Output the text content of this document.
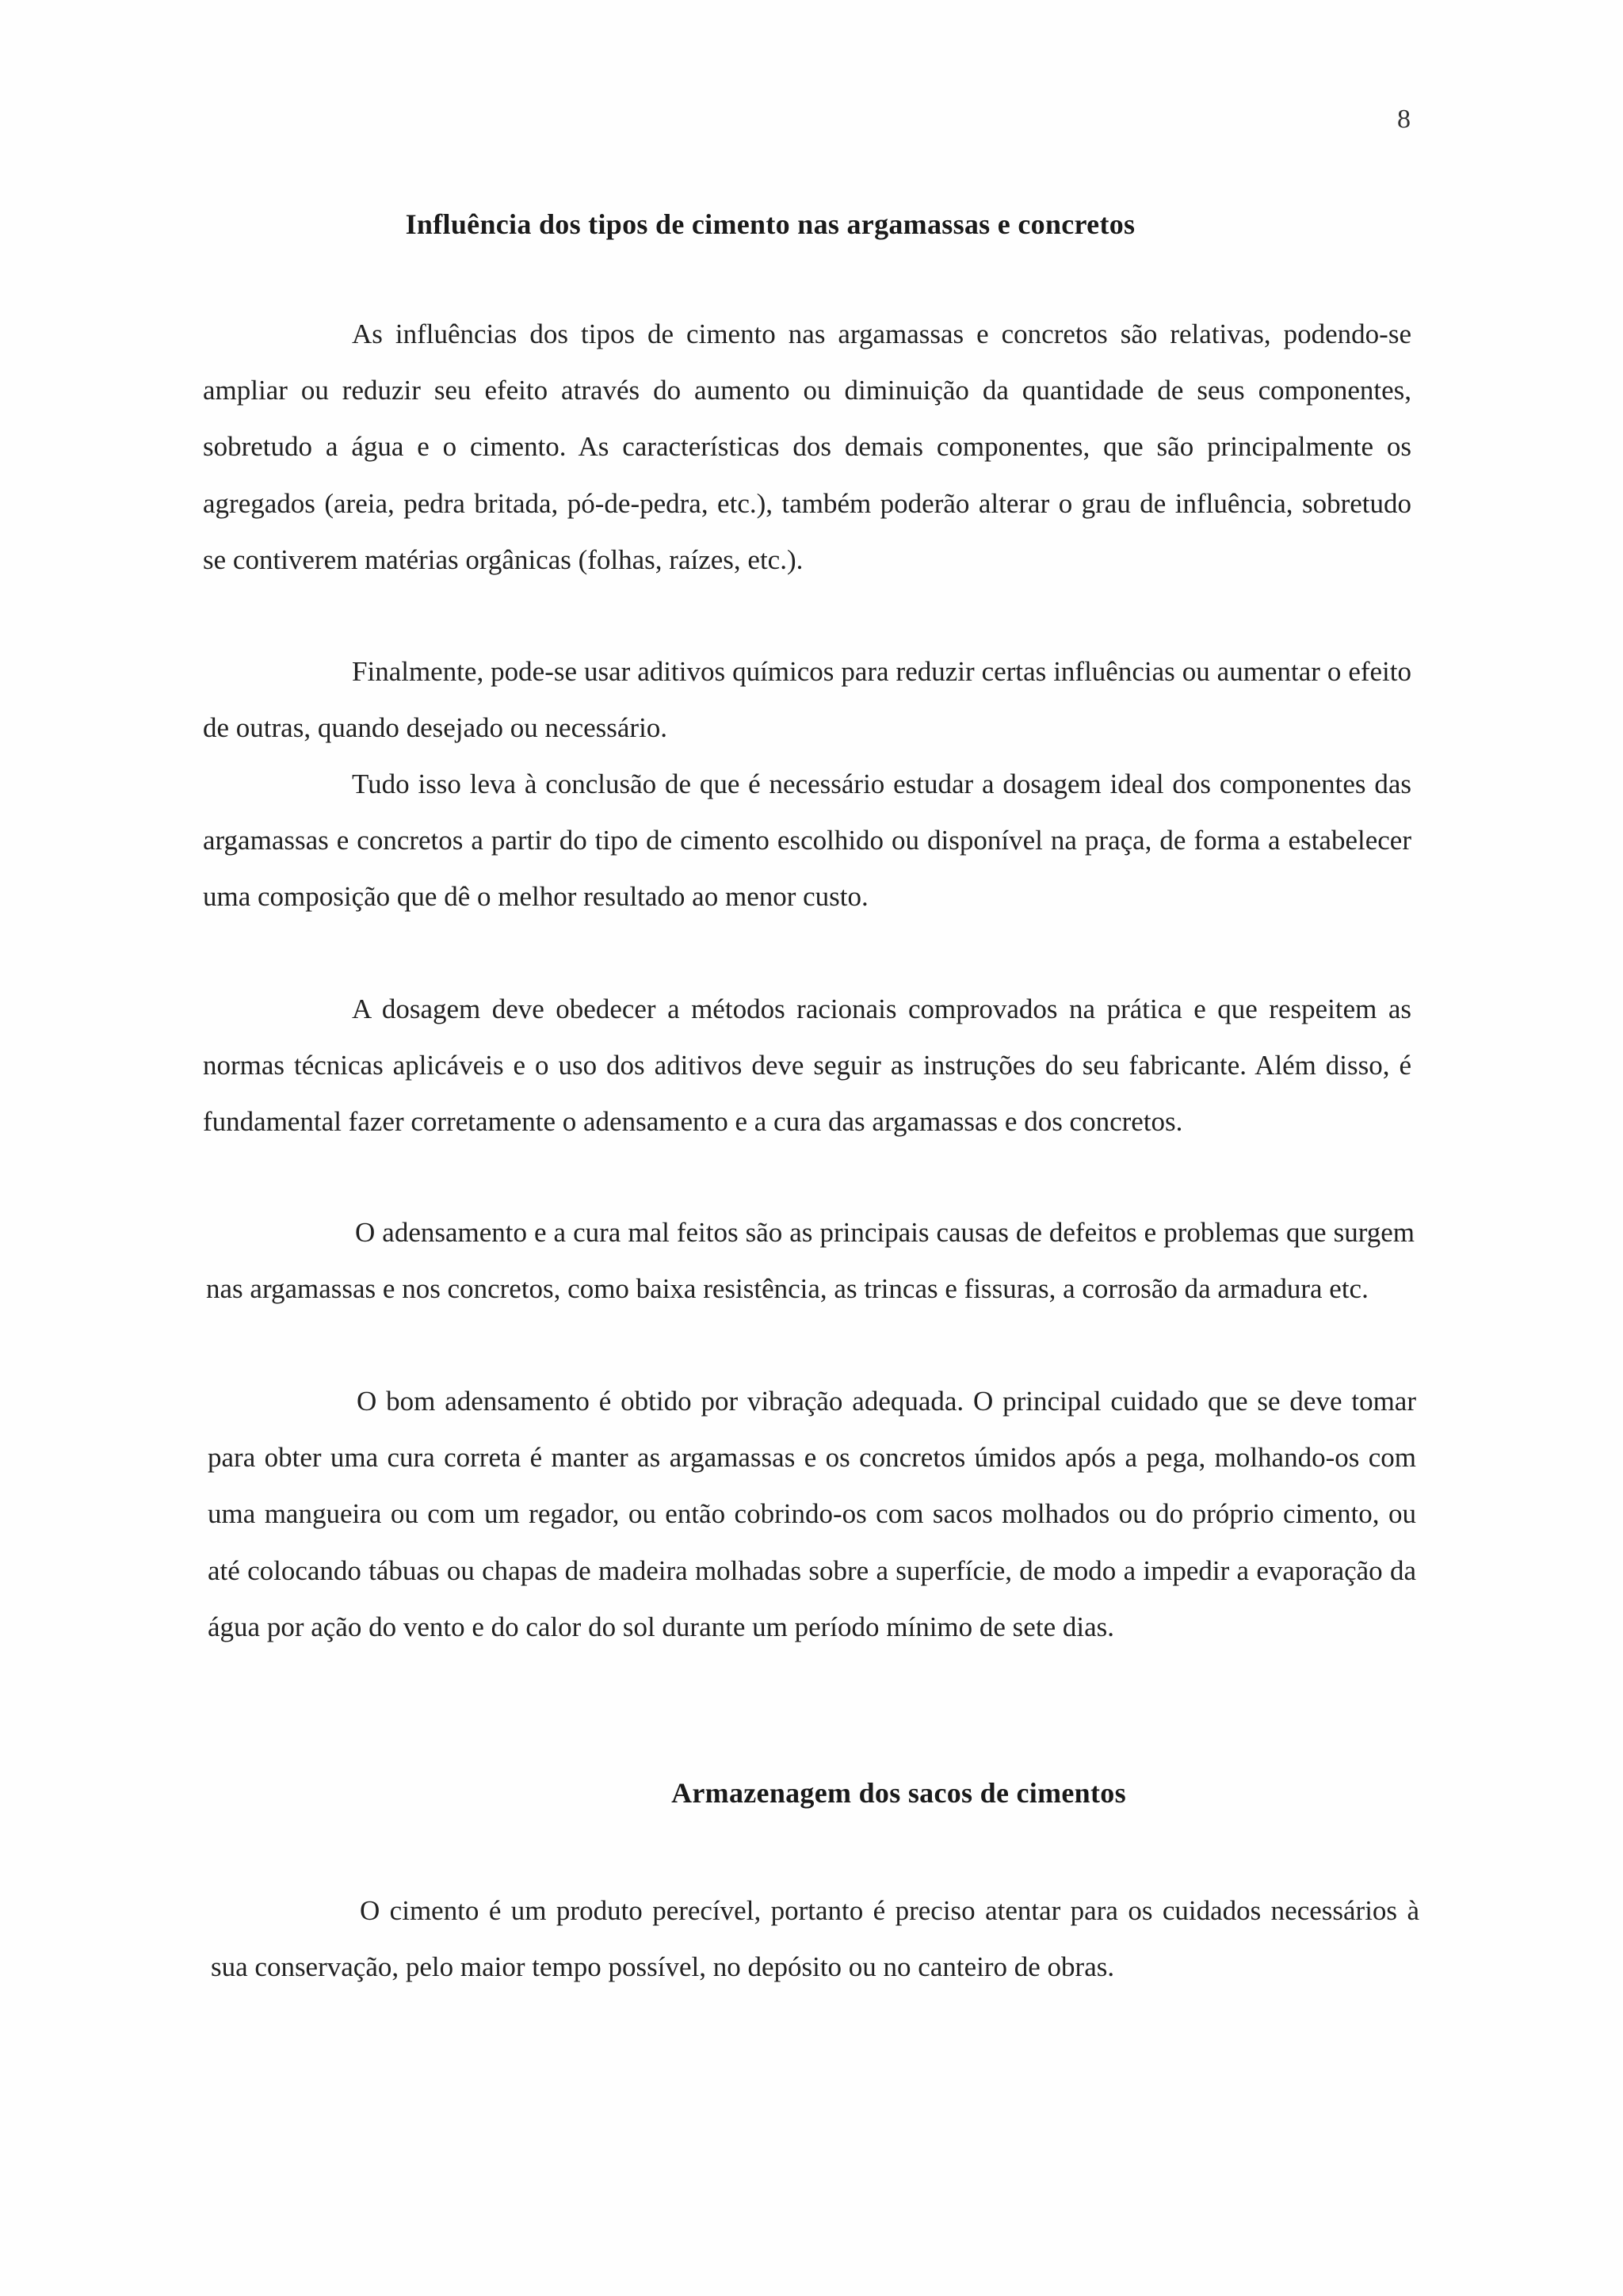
8
Influência dos tipos de cimento nas argamassas e concretos

As influências dos tipos de cimento nas argamassas e concretos são relativas, podendo-se ampliar ou reduzir seu efeito através do aumento ou diminuição da quantidade de seus componentes, sobretudo a água e o cimento. As características dos demais componentes, que são principalmente os agregados (areia, pedra britada, pó-de-pedra, etc.), também poderão alterar o grau de influência, sobretudo se contiverem matérias orgânicas (folhas, raízes, etc.).

Finalmente, pode-se usar aditivos químicos para reduzir certas influências ou aumentar o efeito de outras, quando desejado ou necessário.

Tudo isso leva à conclusão de que é necessário estudar a dosagem ideal dos componentes das argamassas e concretos a partir do tipo de cimento escolhido ou disponível na praça, de forma a estabelecer uma composição que dê o melhor resultado ao menor custo.

A dosagem deve obedecer a métodos racionais comprovados na prática e que respeitem as normas técnicas aplicáveis e o uso dos aditivos deve seguir as instruções do seu fabricante. Além disso, é fundamental fazer corretamente o adensamento e a cura das argamassas e dos concretos.

O adensamento e a cura mal feitos são as principais causas de defeitos e problemas que surgem nas argamassas e nos concretos, como baixa resistência, as trincas e fissuras, a corrosão da armadura etc.

O bom adensamento é obtido por vibração adequada. O principal cuidado que se deve tomar para obter uma cura correta é manter as argamassas e os concretos úmidos após a pega, molhando-os com uma mangueira ou com um regador, ou então cobrindo-os com sacos molhados ou do próprio cimento, ou até colocando tábuas ou chapas de madeira molhadas sobre a superfície, de modo a impedir a evaporação da água por ação do vento e do calor do sol durante um período mínimo de sete dias.

Armazenagem dos sacos de cimentos

O cimento é um produto perecível, portanto é preciso atentar para os cuidados necessários à sua conservação, pelo maior tempo possível, no depósito ou no canteiro de obras.
